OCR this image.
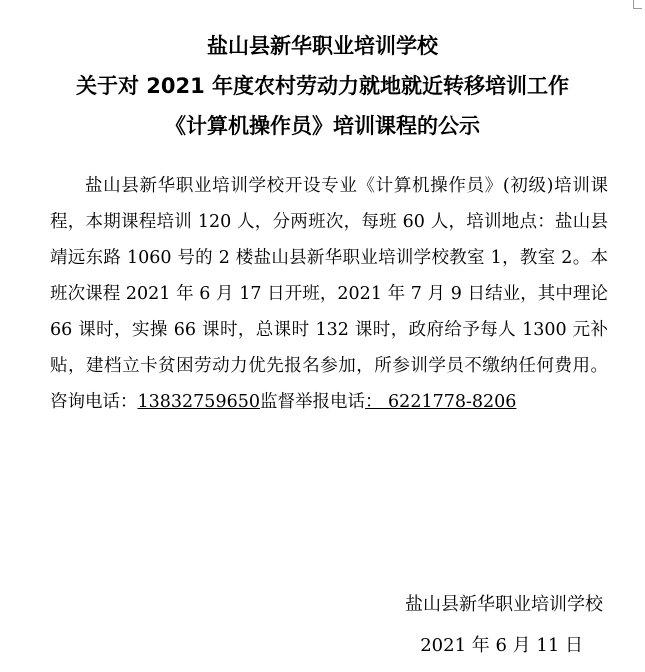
盐山县新华职业培训学校
关于对 2021 年度农村劳动力就地就近转移培训工作
《计算机操作员》培训课程的公示

盐山县新华职业培训学校开设专业《计算机操作员》(初级)培训课程，本期课程培训 120 人，分两班次，每班 60 人，培训地点：盐山县靖远东路 1060 号的 2 楼盐山县新华职业培训学校教室 1，教室 2。本班次课程 2021 年 6 月 17 日开班，2021 年 7 月 9 日结业，其中理论 66 课时，实操 66 课时，总课时 132 课时，政府给予每人 1300 元补贴，建档立卡贫困劳动力优先报名参加，所参训学员不缴纳任何费用。咨询电话：13832759650监督举报电话： 6221778-8206

盐山县新华职业培训学校
2021 年 6 月 11 日
